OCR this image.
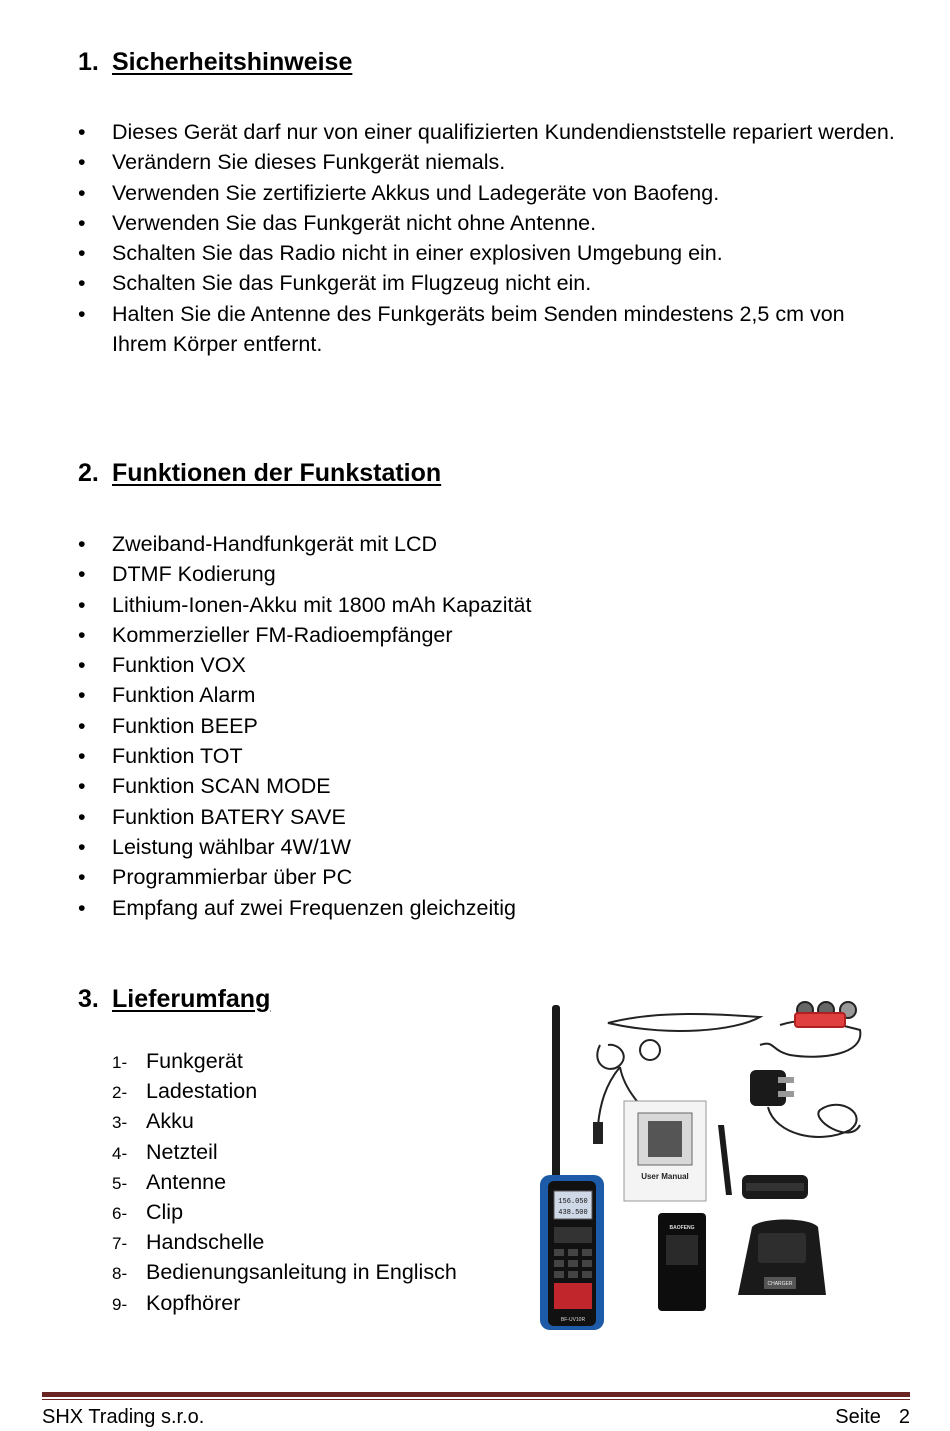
1. Sicherheitshinweise
• Dieses Gerät darf nur von einer qualifizierten Kundendienststelle repariert werden.
• Verändern Sie dieses Funkgerät niemals.
• Verwenden Sie zertifizierte Akkus und Ladegeräte von Baofeng.
• Verwenden Sie das Funkgerät nicht ohne Antenne.
• Schalten Sie das Radio nicht in einer explosiven Umgebung ein.
• Schalten Sie das Funkgerät im Flugzeug nicht ein.
• Halten Sie die Antenne des Funkgeräts beim Senden mindestens 2,5 cm von Ihrem Körper entfernt.
2. Funktionen der Funkstation
• Zweiband-Handfunkgerät mit LCD
• DTMF Kodierung
• Lithium-Ionen-Akku mit 1800 mAh Kapazität
• Kommerzieller FM-Radioempfänger
• Funktion VOX
• Funktion Alarm
• Funktion BEEP
• Funktion TOT
• Funktion SCAN MODE
• Funktion BATERY SAVE
• Leistung wählbar 4W/1W
• Programmierbar über PC
• Empfang auf zwei Frequenzen gleichzeitig
3. Lieferumfang
1- Funkgerät
2- Ladestation
3- Akku
4- Netzteil
5- Antenne
6- Clip
7- Handschelle
8- Bedienungsanleitung in Englisch
9- Kopfhörer
User Manual
156.050
438.500
BF-UV10R
BAOFENG
CHARGER
SHX Trading s.r.o.	Seite 2
